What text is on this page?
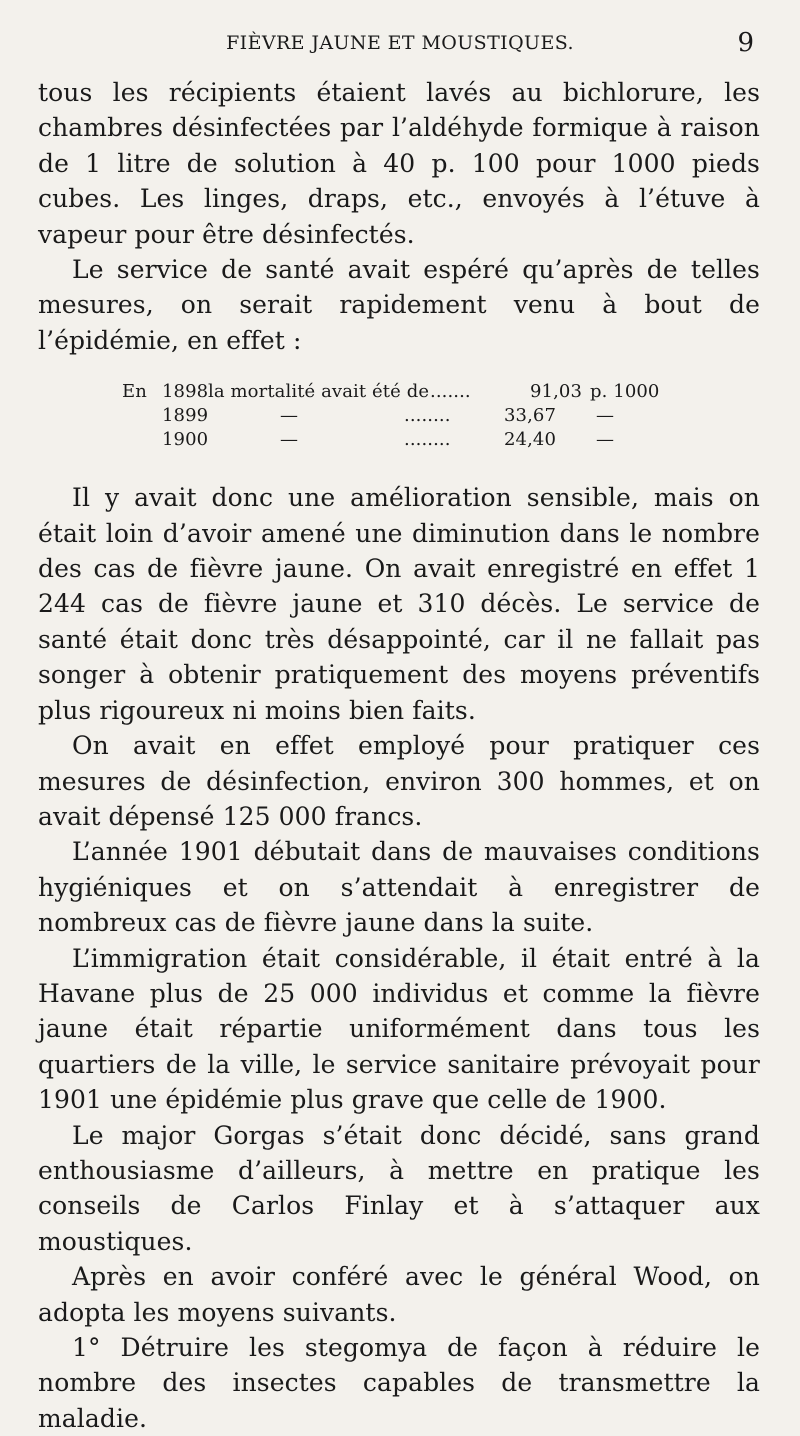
FIÈVRE JAUNE ET MOUSTIQUES.	9

tous les récipients étaient lavés au bichlorure, les chambres désinfectées par l’aldéhyde formique à raison de 1 litre de solution à 40 p. 100 pour 1000 pieds cubes. Les linges, draps, etc., envoyés à l’étuve à vapeur pour être désinfectés.

Le service de santé avait espéré qu’après de telles mesures, on serait rapidement venu à bout de l’épidémie, en effet :

En 1898 la mortalité avait été de .......	91,03 p. 1000
1899	—	........	33,67	—
1900	—	........	24,40	—

Il y avait donc une amélioration sensible, mais on était loin d’avoir amené une diminution dans le nombre des cas de fièvre jaune. On avait enregistré en effet 1 244 cas de fièvre jaune et 310 décès. Le service de santé était donc très désappointé, car il ne fallait pas songer à obtenir pratiquement des moyens préventifs plus rigoureux ni moins bien faits.

On avait en effet employé pour pratiquer ces mesures de désinfection, environ 300 hommes, et on avait dépensé 125 000 francs.

L’année 1901 débutait dans de mauvaises conditions hygiéniques et on s’attendait à enregistrer de nombreux cas de fièvre jaune dans la suite.

L’immigration était considérable, il était entré à la Havane plus de 25 000 individus et comme la fièvre jaune était répartie uniformément dans tous les quartiers de la ville, le service sanitaire prévoyait pour 1901 une épidémie plus grave que celle de 1900.

Le major Gorgas s’était donc décidé, sans grand enthousiasme d’ailleurs, à mettre en pratique les conseils de Carlos Finlay et à s’attaquer aux moustiques.

Après en avoir conféré avec le général Wood, on adopta les moyens suivants.

1° Détruire les stegomya de façon à réduire le nombre des insectes capables de transmettre la maladie.
